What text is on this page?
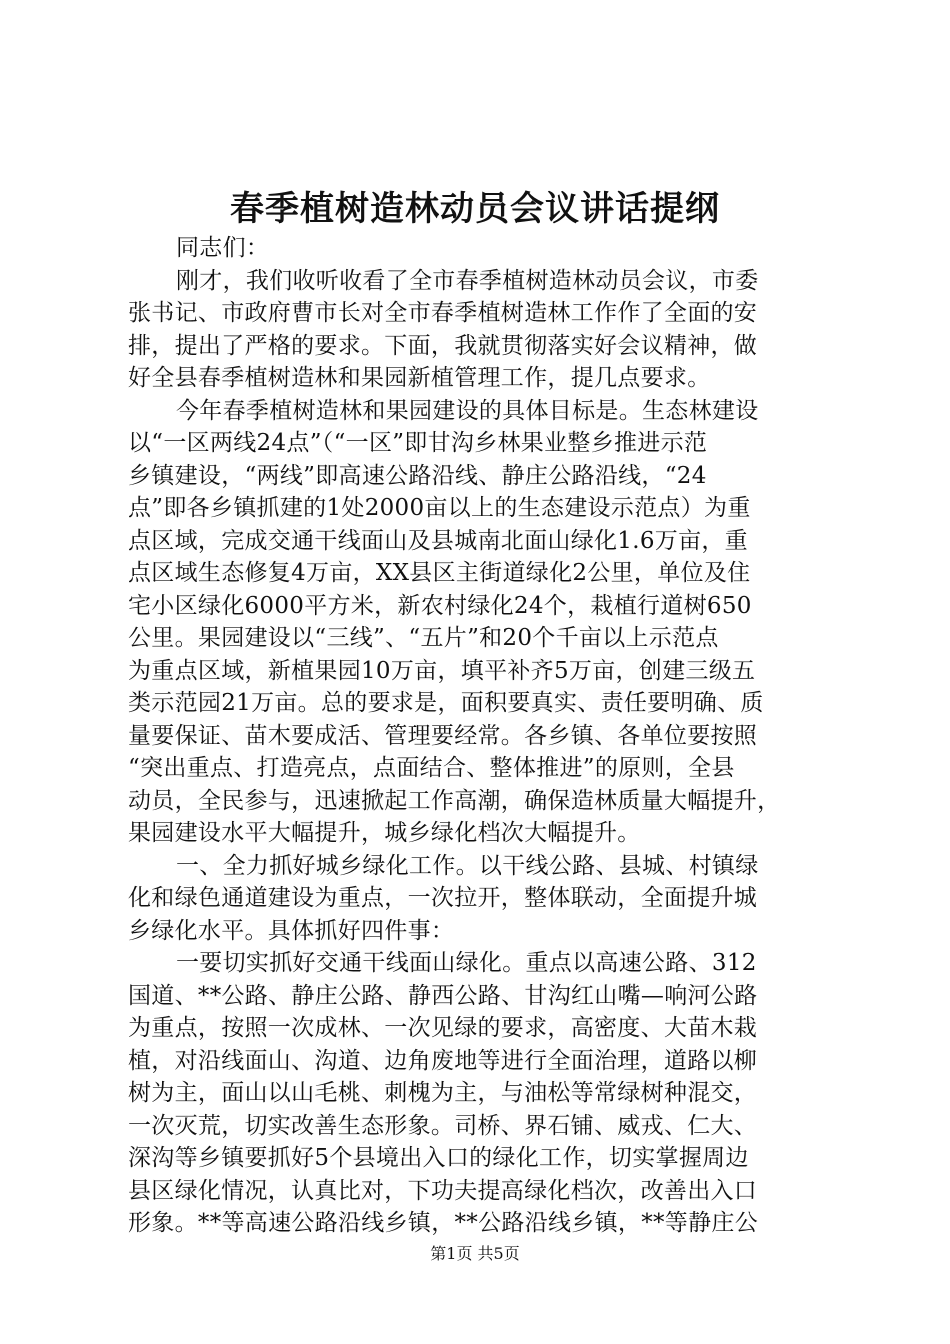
春季植树造林动员会议讲话提纲
同志们：
刚才，我们收听收看了全市春季植树造林动员会议，市委
张书记、市政府曹市长对全市春季植树造林工作作了全面的安
排，提出了严格的要求。下面，我就贯彻落实好会议精神，做
好全县春季植树造林和果园新植管理工作，提几点要求。
今年春季植树造林和果园建设的具体目标是。生态林建设
以“一区两线24点”（“一区”即甘沟乡林果业整乡推进示范
乡镇建设，“两线”即高速公路沿线、静庄公路沿线，“24
点”即各乡镇抓建的1处2000亩以上的生态建设示范点）为重
点区域，完成交通干线面山及县城南北面山绿化1.6万亩，重
点区域生态修复4万亩，XX县区主街道绿化2公里，单位及住
宅小区绿化6000平方米，新农村绿化24个，栽植行道树650
公里。果园建设以“三线”、“五片”和20个千亩以上示范点
为重点区域，新植果园10万亩，填平补齐5万亩，创建三级五
类示范园21万亩。总的要求是，面积要真实、责任要明确、质
量要保证、苗木要成活、管理要经常。各乡镇、各单位要按照
“突出重点、打造亮点，点面结合、整体推进”的原则，全县
动员，全民参与，迅速掀起工作高潮，确保造林质量大幅提升，
果园建设水平大幅提升，城乡绿化档次大幅提升。
一、全力抓好城乡绿化工作。以干线公路、县城、村镇绿
化和绿色通道建设为重点，一次拉开，整体联动，全面提升城
乡绿化水平。具体抓好四件事：
一要切实抓好交通干线面山绿化。重点以高速公路、312
国道、**公路、静庄公路、静西公路、甘沟红山嘴—响河公路
为重点，按照一次成林、一次见绿的要求，高密度、大苗木栽
植，对沿线面山、沟道、边角废地等进行全面治理，道路以柳
树为主，面山以山毛桃、刺槐为主，与油松等常绿树种混交，
一次灭荒，切实改善生态形象。司桥、界石铺、威戎、仁大、
深沟等乡镇要抓好5个县境出入口的绿化工作，切实掌握周边
县区绿化情况，认真比对，下功夫提高绿化档次，改善出入口
形象。**等高速公路沿线乡镇，**公路沿线乡镇，**等静庄公
第1页 共5页
